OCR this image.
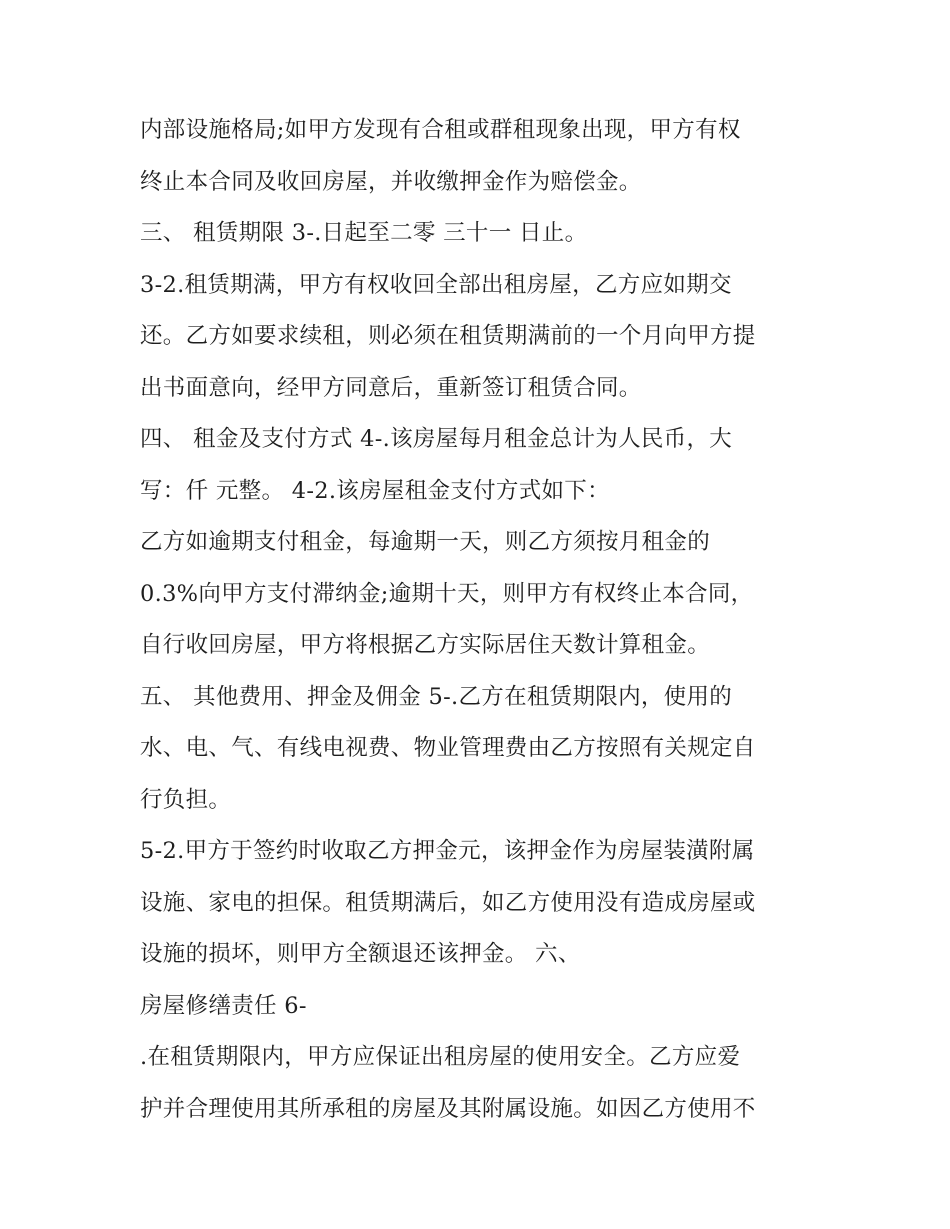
内部设施格局;如甲方发现有合租或群租现象出现，甲方有权
终止本合同及收回房屋，并收缴押金作为赔偿金。
三、 租赁期限 3-.日起至二零 三十一 日止。
3-2.租赁期满，甲方有权收回全部出租房屋，乙方应如期交
还。乙方如要求续租，则必须在租赁期满前的一个月向甲方提
出书面意向，经甲方同意后，重新签订租赁合同。
四、 租金及支付方式 4-.该房屋每月租金总计为人民币，大
写：仟 元整。 4-2.该房屋租金支付方式如下：
乙方如逾期支付租金，每逾期一天，则乙方须按月租金的
0.3%向甲方支付滞纳金;逾期十天，则甲方有权终止本合同，
自行收回房屋，甲方将根据乙方实际居住天数计算租金。
五、 其他费用、押金及佣金 5-.乙方在租赁期限内，使用的
水、电、气、有线电视费、物业管理费由乙方按照有关规定自
行负担。
5-2.甲方于签约时收取乙方押金元，该押金作为房屋装潢附属
设施、家电的担保。租赁期满后，如乙方使用没有造成房屋或
设施的损坏，则甲方全额退还该押金。 六、
房屋修缮责任 6-
.在租赁期限内，甲方应保证出租房屋的使用安全。乙方应爱
护并合理使用其所承租的房屋及其附属设施。如因乙方使用不
